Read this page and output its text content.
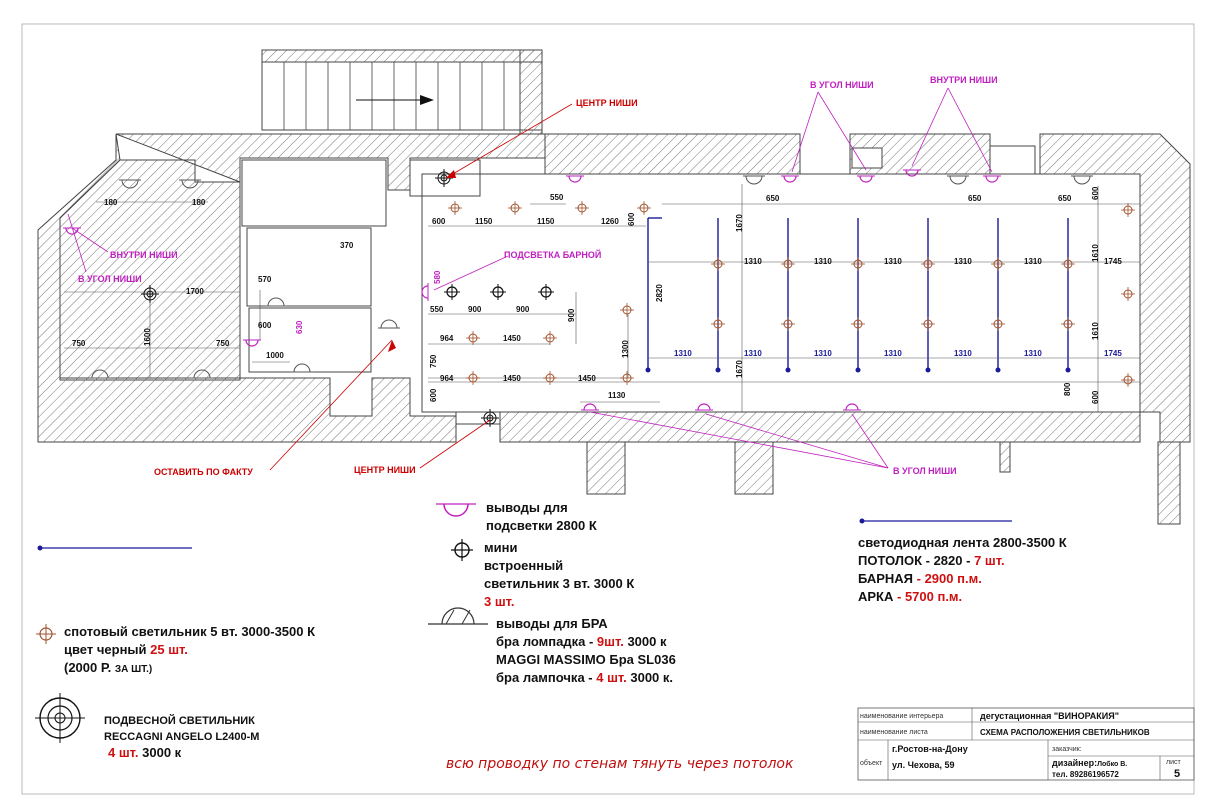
ЦЕНТР НИШИ
ЦЕНТР НИШИ
ОСТАВИТЬ ПО ФАКТУ
В УГОЛ НИШИ	ВНУТРИ НИШИ
ВНУТРИ НИШИ
В УГОЛ НИШИ
ПОДСВЕТКА БАРНОЙ
В УГОЛ НИШИ
180	180
1700
1600
750	750
570
600	630
1000
370
550
600	1150	1150	1260 600
580
550	900	900	900
964	1450
964	1450	1450
750
600
1300
1130
2820
650	650	650 600
1670
1670
1310	1310	1310	1310	1310	1745
1310	1310	1310	1310	1310	1310	1745
1610
1610
800
600
выводы для
подсветки 2800 К
мини
встроенный
светильник 3 вт. 3000 К
3 шт.
выводы для БРА
бра ломпадка - 9шт. 3000 к
MAGGI MASSIMO Бра SL036
бра лампочка - 4 шт. 3000 к.
светодиодная лента 2800-3500 К
ПОТОЛОК - 2820 - 7 шт.
БАРНАЯ - 2900 п.м.
АРКА - 5700 п.м.
спотовый светильник 5 вт. 3000-3500 К
цвет черный 25 шт.
(2000 Р. ЗА ШТ.)
ПОДВЕСНОЙ СВЕТИЛЬНИК
RECCAGNI ANGELO L2400-M
4 шт. 3000 к
всю проводку по стенам тянуть через потолок
наименование интерьера	дегустационная "ВИНОРАКИЯ"
наименование листа	СХЕМА РАСПОЛОЖЕНИЯ СВЕТИЛЬНИКОВ
объект
г.Ростов-на-Дону
ул. Чехова, 59
заказчик:
дизайнер:Лобко В.
тел. 89286196572
лист
5
